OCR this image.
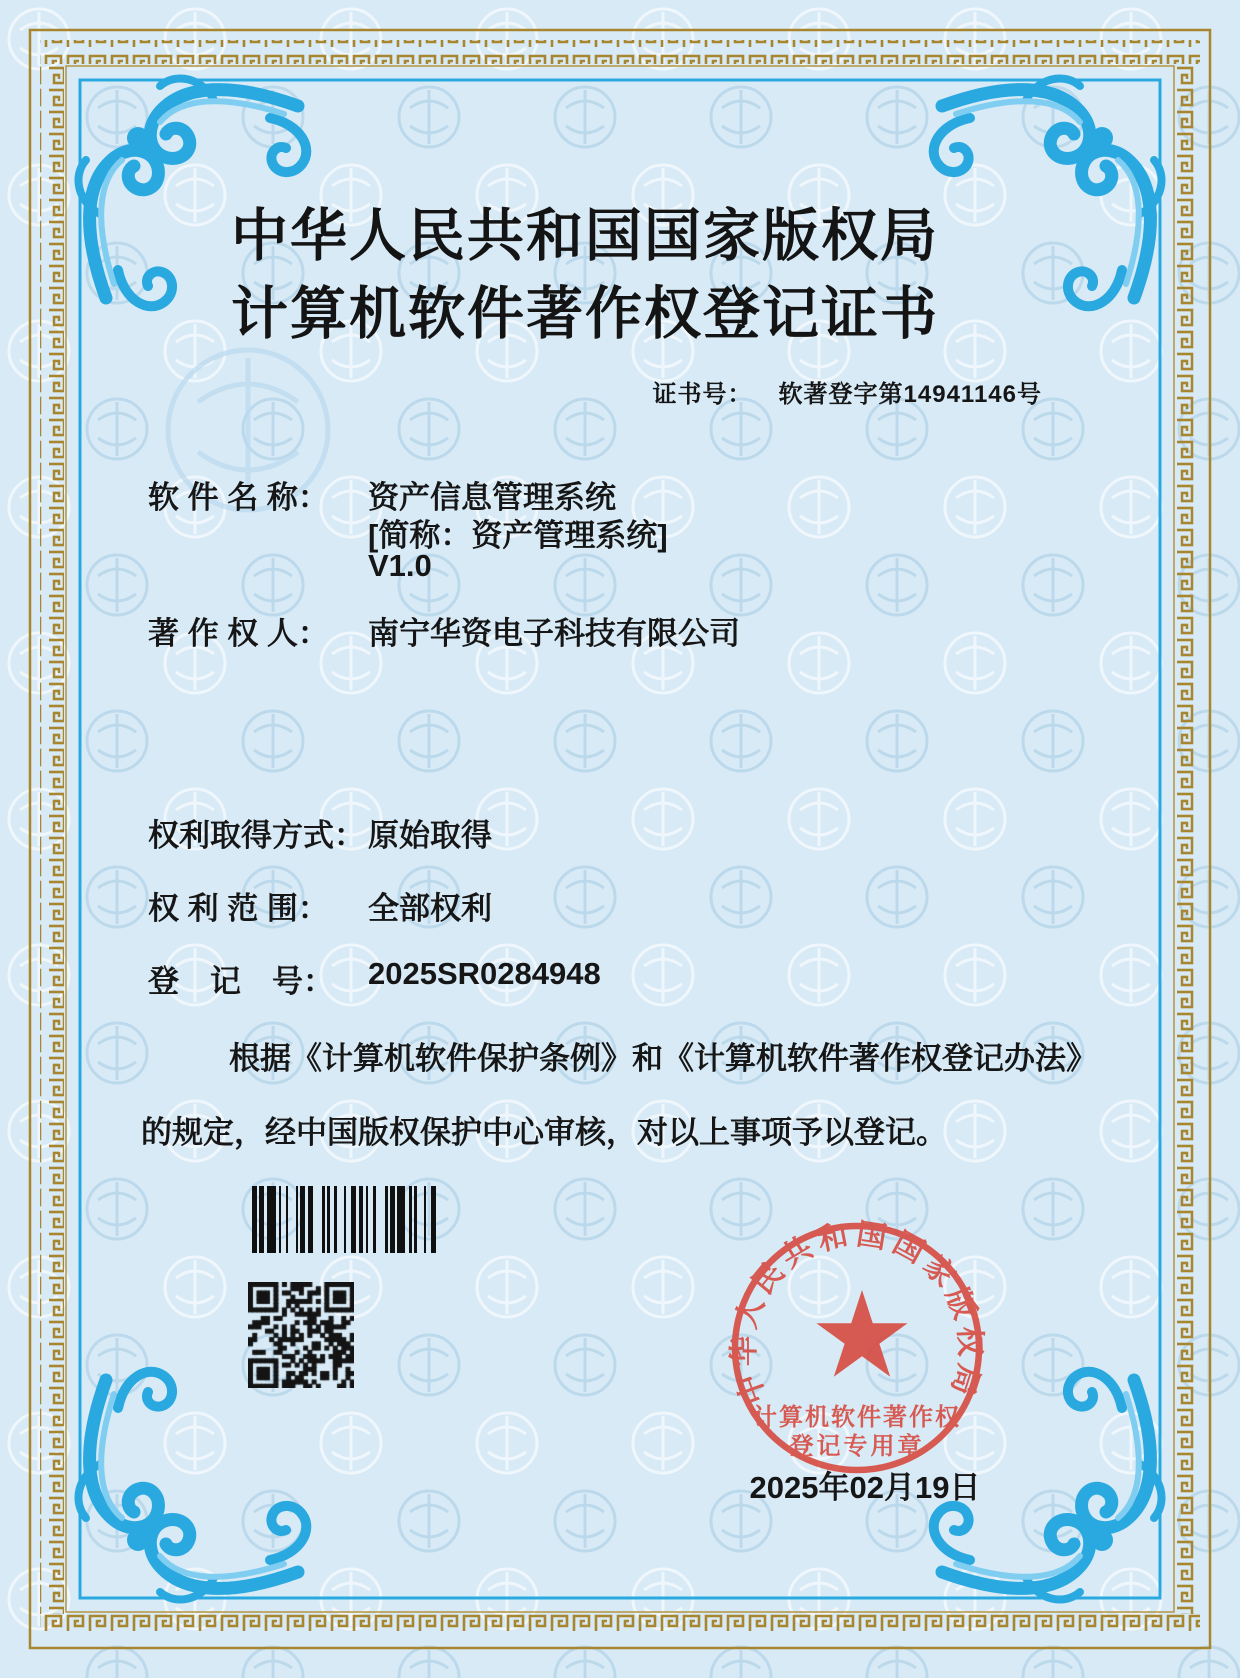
中华人民共和国国家版权局
计算机软件著作权登记证书
证书号： 软著登字第14941146号
软 件 名 称： 资产信息管理系统
[简称：资产管理系统]
V1.0
著 作 权 人： 南宁华资电子科技有限公司
权利取得方式： 原始取得
权 利 范 围： 全部权利
登　记　号： 2025SR0284948
根据《计算机软件保护条例》和《计算机软件著作权登记办法》的规定，经中国版权保护中心审核，对以上事项予以登记。
2025年02月19日
中华人民共和国国家版权局
计算机软件著作权
登记专用章
